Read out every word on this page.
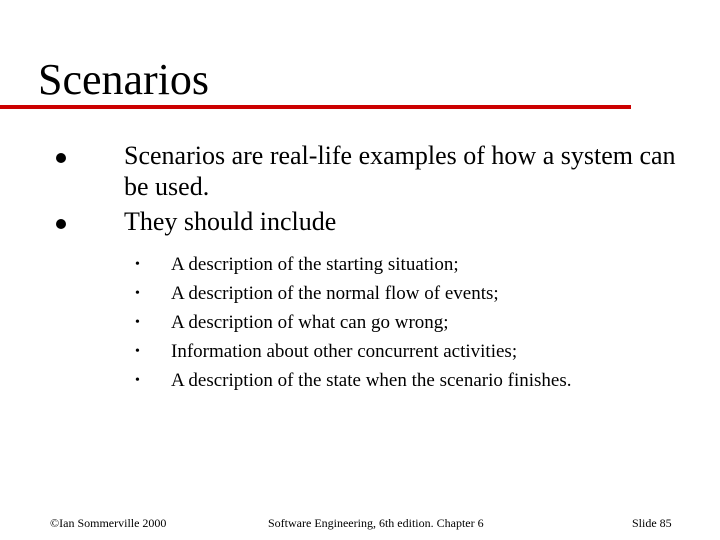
Scenarios
Scenarios are real-life examples of how a system can be used.
They should include
• A description of the starting situation;
• A description of the normal flow of events;
• A description of what can go wrong;
• Information about other concurrent activities;
• A description of the state when the scenario finishes.
©Ian Sommerville 2000	Software Engineering, 6th edition. Chapter 6	Slide 85
